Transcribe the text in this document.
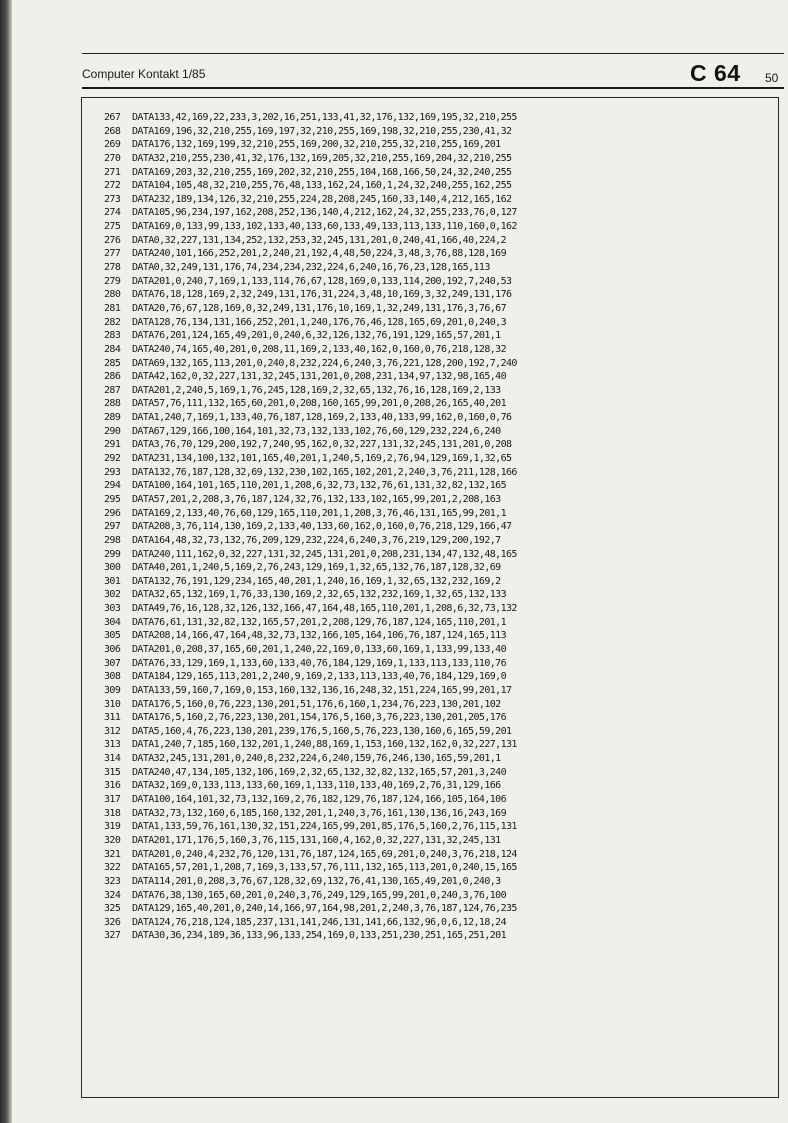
Computer Kontakt 1/85	C 64 50
267 DATA133,42,169,22,233,3,202,16,251,133,41,32,176,132,169,195,32,210,255
268 DATA169,196,32,210,255,169,197,32,210,255,169,198,32,210,255,230,41,32
269 DATA176,132,169,199,32,210,255,169,200,32,210,255,32,210,255,169,201
270 DATA32,210,255,230,41,32,176,132,169,205,32,210,255,169,204,32,210,255
271 DATA169,203,32,210,255,169,202,32,210,255,104,168,166,50,24,32,240,255
272 DATA104,105,48,32,210,255,76,48,133,162,24,160,1,24,32,240,255,162,255
273 DATA232,189,134,126,32,210,255,224,28,208,245,160,33,140,4,212,165,162
274 DATA105,96,234,197,162,208,252,136,140,4,212,162,24,32,255,233,76,0,127
275 DATA169,0,133,99,133,102,133,40,133,60,133,49,133,113,133,110,160,0,162
276 DATA0,32,227,131,134,252,132,253,32,245,131,201,0,240,41,166,40,224,2
277 DATA240,101,166,252,201,2,240,21,192,4,48,50,224,3,48,3,76,88,128,169
278 DATA0,32,249,131,176,74,234,234,232,224,6,240,16,76,23,128,165,113
279 DATA201,0,240,7,169,1,133,114,76,67,128,169,0,133,114,200,192,7,240,53
280 DATA76,18,128,169,2,32,249,131,176,31,224,3,48,10,169,3,32,249,131,176
281 DATA20,76,67,128,169,0,32,249,131,176,10,169,1,32,249,131,176,3,76,67
282 DATA128,76,134,131,166,252,201,1,240,176,76,46,128,165,69,201,0,240,3
283 DATA76,201,124,165,49,201,0,240,6,32,126,132,76,191,129,165,57,201,1
284 DATA240,74,165,40,201,0,208,11,169,2,133,40,162,0,160,0,76,218,128,32
285 DATA69,132,165,113,201,0,240,8,232,224,6,240,3,76,221,128,200,192,7,240
286 DATA42,162,0,32,227,131,32,245,131,201,0,208,231,134,97,132,98,165,40
287 DATA201,2,240,5,169,1,76,245,128,169,2,32,65,132,76,16,128,169,2,133
288 DATA57,76,111,132,165,60,201,0,208,160,165,99,201,0,208,26,165,40,201
289 DATA1,240,7,169,1,133,40,76,187,128,169,2,133,40,133,99,162,0,160,0,76
290 DATA67,129,166,100,164,101,32,73,132,133,102,76,60,129,232,224,6,240
291 DATA3,76,70,129,200,192,7,240,95,162,0,32,227,131,32,245,131,201,0,208
292 DATA231,134,100,132,101,165,40,201,1,240,5,169,2,76,94,129,169,1,32,65
293 DATA132,76,187,128,32,69,132,230,102,165,102,201,2,240,3,76,211,128,166
294 DATA100,164,101,165,110,201,1,208,6,32,73,132,76,61,131,32,82,132,165
295 DATA57,201,2,208,3,76,187,124,32,76,132,133,102,165,99,201,2,208,163
296 DATA169,2,133,40,76,60,129,165,110,201,1,208,3,76,46,131,165,99,201,1
297 DATA208,3,76,114,130,169,2,133,40,133,60,162,0,160,0,76,218,129,166,47
298 DATA164,48,32,73,132,76,209,129,232,224,6,240,3,76,219,129,200,192,7
299 DATA240,111,162,0,32,227,131,32,245,131,201,0,208,231,134,47,132,48,165
300 DATA40,201,1,240,5,169,2,76,243,129,169,1,32,65,132,76,187,128,32,69
301 DATA132,76,191,129,234,165,40,201,1,240,16,169,1,32,65,132,232,169,2
302 DATA32,65,132,169,1,76,33,130,169,2,32,65,132,232,169,1,32,65,132,133
303 DATA49,76,16,128,32,126,132,166,47,164,48,165,110,201,1,208,6,32,73,132
304 DATA76,61,131,32,82,132,165,57,201,2,208,129,76,187,124,165,110,201,1
305 DATA208,14,166,47,164,48,32,73,132,166,105,164,106,76,187,124,165,113
306 DATA201,0,208,37,165,60,201,1,240,22,169,0,133,60,169,1,133,99,133,40
307 DATA76,33,129,169,1,133,60,133,40,76,184,129,169,1,133,113,133,110,76
308 DATA184,129,165,113,201,2,240,9,169,2,133,113,133,40,76,184,129,169,0
309 DATA133,59,160,7,169,0,153,160,132,136,16,248,32,151,224,165,99,201,17
310 DATA176,5,160,0,76,223,130,201,51,176,6,160,1,234,76,223,130,201,102
311 DATA176,5,160,2,76,223,130,201,154,176,5,160,3,76,223,130,201,205,176
312 DATA5,160,4,76,223,130,201,239,176,5,160,5,76,223,130,160,6,165,59,201
313 DATA1,240,7,185,160,132,201,1,240,88,169,1,153,160,132,162,0,32,227,131
314 DATA32,245,131,201,0,240,8,232,224,6,240,159,76,246,130,165,59,201,1
315 DATA240,47,134,105,132,106,169,2,32,65,132,32,82,132,165,57,201,3,240
316 DATA32,169,0,133,113,133,60,169,1,133,110,133,40,169,2,76,31,129,166
317 DATA100,164,101,32,73,132,169,2,76,182,129,76,187,124,166,105,164,106
318 DATA32,73,132,160,6,185,160,132,201,1,240,3,76,161,130,136,16,243,169
319 DATA1,133,59,76,161,130,32,151,224,165,99,201,85,176,5,160,2,76,115,131
320 DATA201,171,176,5,160,3,76,115,131,160,4,162,0,32,227,131,32,245,131
321 DATA201,0,240,4,232,76,120,131,76,187,124,165,69,201,0,240,3,76,218,124
322 DATA165,57,201,1,208,7,169,3,133,57,76,111,132,165,113,201,0,240,15,165
323 DATA114,201,0,208,3,76,67,128,32,69,132,76,41,130,165,49,201,0,240,3
324 DATA76,38,130,165,60,201,0,240,3,76,249,129,165,99,201,0,240,3,76,100
325 DATA129,165,40,201,0,240,14,166,97,164,98,201,2,240,3,76,187,124,76,235
326 DATA124,76,218,124,185,237,131,141,246,131,141,66,132,96,0,6,12,18,24
327 DATA30,36,234,189,36,133,96,133,254,169,0,133,251,230,251,165,251,201
